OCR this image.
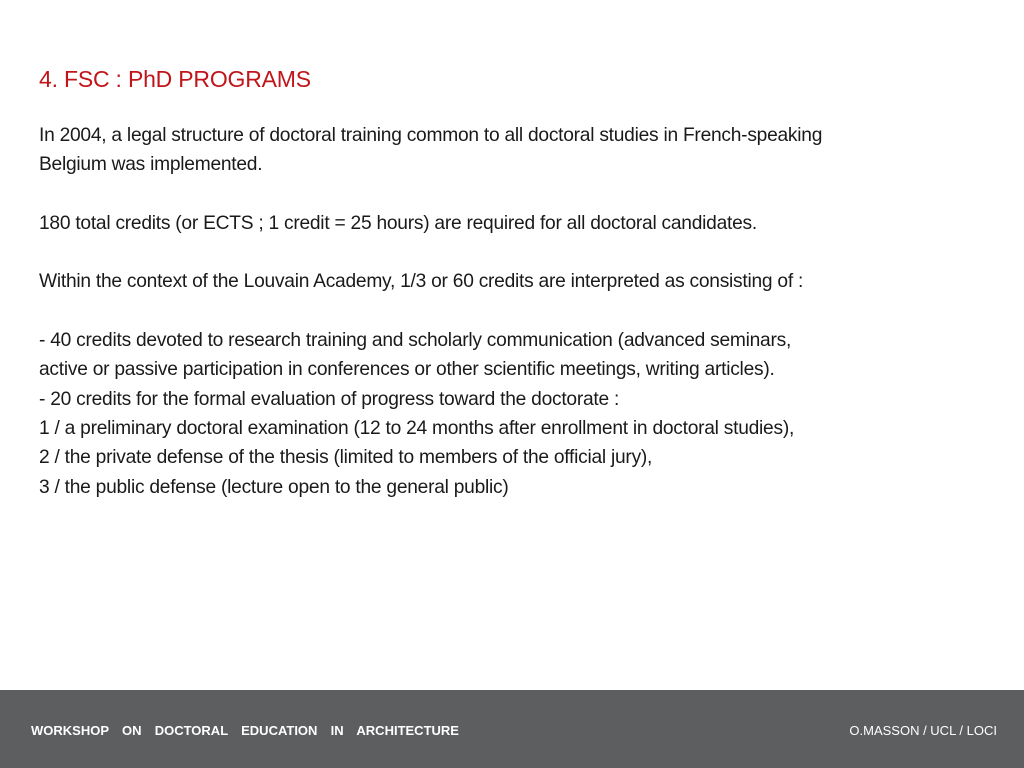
4. FSC : PhD PROGRAMS

In 2004, a legal structure of doctoral training common to all doctoral studies in French-speaking
Belgium was implemented.

180 total credits (or ECTS ; 1 credit = 25 hours) are required for all doctoral candidates.

Within the context of the Louvain Academy, 1/3 or 60 credits are interpreted as consisting of :

- 40 credits devoted to research training and scholarly communication (advanced seminars,
active or passive participation in conferences or other scientific meetings, writing articles).
- 20 credits for the formal evaluation of progress toward the doctorate :
1 / a preliminary doctoral examination (12 to 24 months after enrollment in doctoral studies),
2 / the private defense of the thesis (limited to members of the official jury),
3 / the public defense (lecture open to the general public)

WORKSHOP  ON  DOCTORAL  EDUCATION  IN  ARCHITECTURE	O.MASSON / UCL / LOCI
